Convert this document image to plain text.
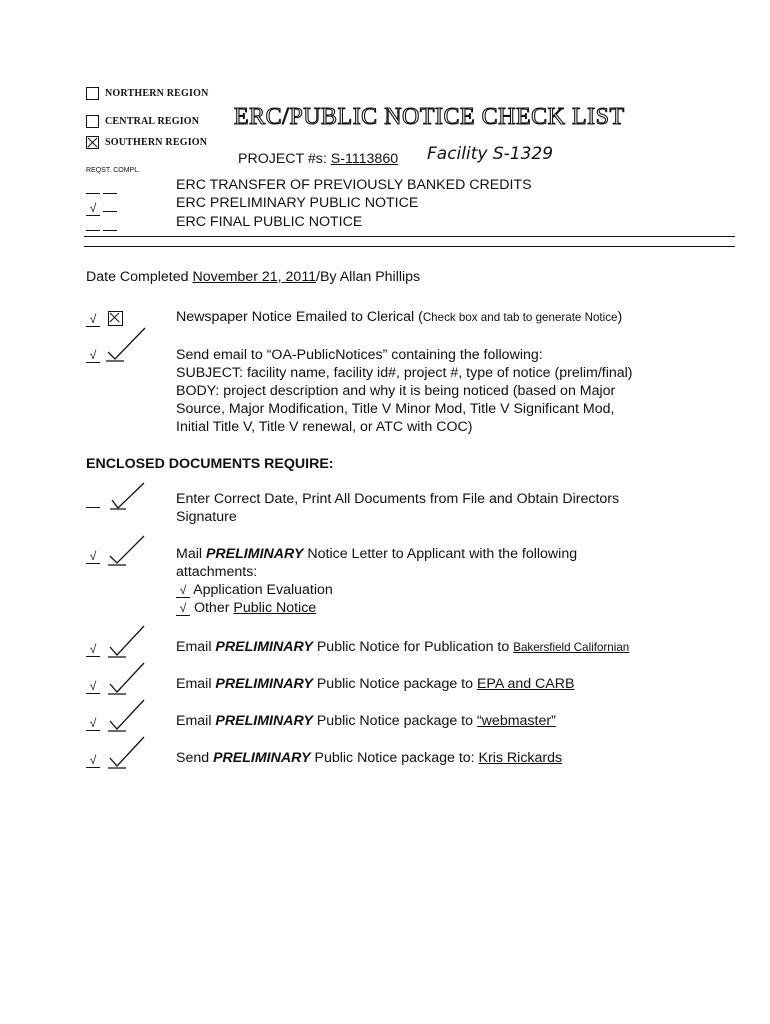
NORTHERN REGION
CENTRAL REGION
SOUTHERN REGION
ERC/PUBLIC NOTICE CHECK LIST
PROJECT #s: S-1113860 Facility S-1329
REQST. COMPL.

ERC TRANSFER OF PREVIOUSLY BANKED CREDITS
√	ERC PRELIMINARY PUBLIC NOTICE

ERC FINAL PUBLIC NOTICE
Date Completed November 21, 2011/By Allan Phillips
√	Newspaper Notice Emailed to Clerical (Check box and tab to generate Notice)
√	Send email to “OA-PublicNotices” containing the following:
SUBJECT: facility name, facility id#, project #, type of notice (prelim/final)
BODY: project description and why it is being noticed (based on Major
Source, Major Modification, Title V Minor Mod, Title V Significant Mod,
Initial Title V, Title V renewal, or ATC with COC)
ENCLOSED DOCUMENTS REQUIRE:
Enter Correct Date, Print All Documents from File and Obtain Directors
Signature
√	Mail PRELIMINARY Notice Letter to Applicant with the following
attachments:
√ Application Evaluation
√ Other Public Notice
√	Email PRELIMINARY Public Notice for Publication to Bakersfield Californian
√	Email PRELIMINARY Public Notice package to EPA and CARB
√	Email PRELIMINARY Public Notice package to “webmaster”
√	Send PRELIMINARY Public Notice package to: Kris Rickards
